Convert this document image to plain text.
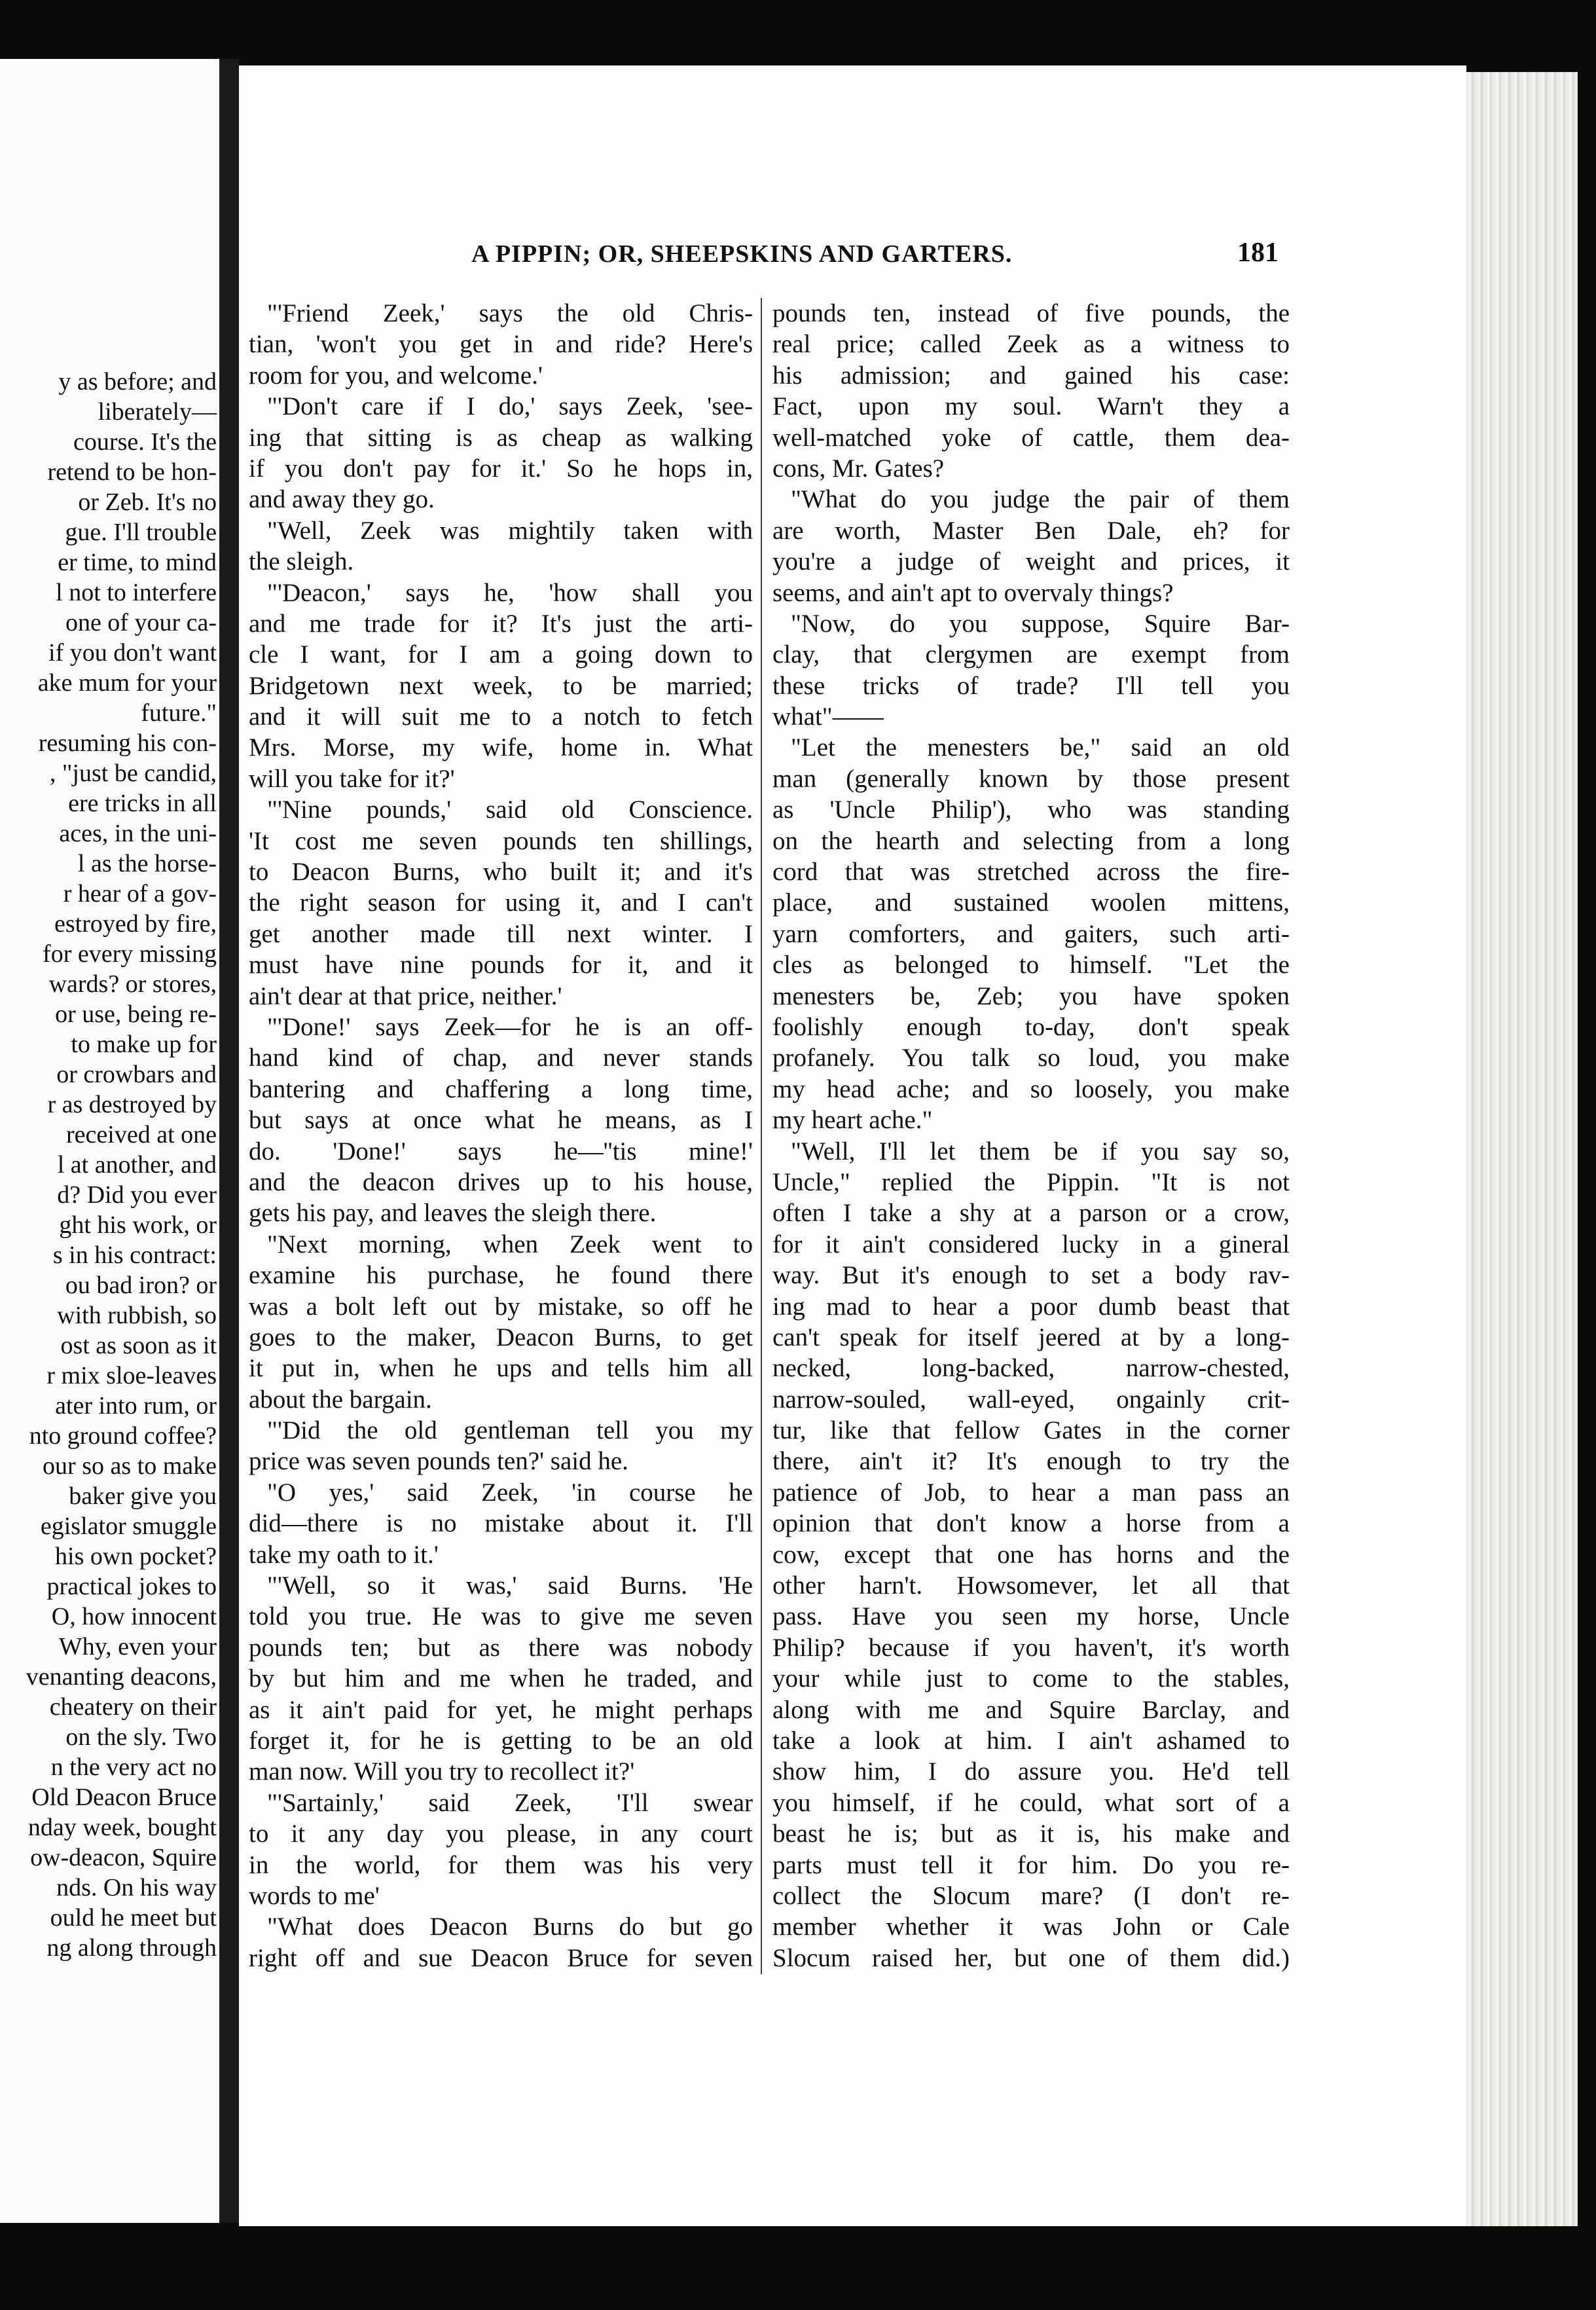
y as before; and
liberately—
course. It's the
retend to be hon-
or Zeb. It's no
gue. I'll trouble
er time, to mind
l not to interfere
one of your ca-
if you don't want
ake mum for your
future."
resuming his con-
, "just be candid,
ere tricks in all
aces, in the uni-
l as the horse-
r hear of a gov-
estroyed by fire,
for every missing
wards? or stores,
or use, being re-
to make up for
or crowbars and
r as destroyed by
received at one
l at another, and
d? Did you ever
ght his work, or
s in his contract:
ou bad iron? or
with rubbish, so
ost as soon as it
r mix sloe-leaves
ater into rum, or
nto ground coffee?
our so as to make
baker give you
egislator smuggle
his own pocket?
practical jokes to
O, how innocent
Why, even your
venanting deacons,
cheatery on their
on the sly. Two
n the very act no
Old Deacon Bruce
nday week, bought
ow-deacon, Squire
nds. On his way
ould he meet but
ng along through
A PIPPIN; OR, SHEEPSKINS AND GARTERS.	181
"'Friend Zeek,' says the old Chris-
tian, 'won't you get in and ride? Here's
room for you, and welcome.'
"'Don't care if I do,' says Zeek, 'see-
ing that sitting is as cheap as walking
if you don't pay for it.' So he hops in,
and away they go.
"Well, Zeek was mightily taken with
the sleigh.
"'Deacon,' says he, 'how shall you
and me trade for it? It's just the arti-
cle I want, for I am a going down to
Bridgetown next week, to be married;
and it will suit me to a notch to fetch
Mrs. Morse, my wife, home in. What
will you take for it?'
"'Nine pounds,' said old Conscience.
'It cost me seven pounds ten shillings,
to Deacon Burns, who built it; and it's
the right season for using it, and I can't
get another made till next winter. I
must have nine pounds for it, and it
ain't dear at that price, neither.'
"'Done!' says Zeek—for he is an off-
hand kind of chap, and never stands
bantering and chaffering a long time,
but says at once what he means, as I
do. 'Done!' says he—''tis mine!'
and the deacon drives up to his house,
gets his pay, and leaves the sleigh there.
"Next morning, when Zeek went to
examine his purchase, he found there
was a bolt left out by mistake, so off he
goes to the maker, Deacon Burns, to get
it put in, when he ups and tells him all
about the bargain.
"'Did the old gentleman tell you my
price was seven pounds ten?' said he.
"O yes,' said Zeek, 'in course he
did—there is no mistake about it. I'll
take my oath to it.'
"'Well, so it was,' said Burns. 'He
told you true. He was to give me seven
pounds ten; but as there was nobody
by but him and me when he traded, and
as it ain't paid for yet, he might perhaps
forget it, for he is getting to be an old
man now. Will you try to recollect it?'
"'Sartainly,' said Zeek, 'I'll swear
to it any day you please, in any court
in the world, for them was his very
words to me'
"What does Deacon Burns do but go
right off and sue Deacon Bruce for seven
pounds ten, instead of five pounds, the
real price; called Zeek as a witness to
his admission; and gained his case:
Fact, upon my soul. Warn't they a
well-matched yoke of cattle, them dea-
cons, Mr. Gates?
"What do you judge the pair of them
are worth, Master Ben Dale, eh? for
you're a judge of weight and prices, it
seems, and ain't apt to overvaly things?
"Now, do you suppose, Squire Bar-
clay, that clergymen are exempt from
these tricks of trade? I'll tell you
what"——
"Let the menesters be," said an old
man (generally known by those present
as 'Uncle Philip'), who was standing
on the hearth and selecting from a long
cord that was stretched across the fire-
place, and sustained woolen mittens,
yarn comforters, and gaiters, such arti-
cles as belonged to himself. "Let the
menesters be, Zeb; you have spoken
foolishly enough to-day, don't speak
profanely. You talk so loud, you make
my head ache; and so loosely, you make
my heart ache."
"Well, I'll let them be if you say so,
Uncle," replied the Pippin. "It is not
often I take a shy at a parson or a crow,
for it ain't considered lucky in a gineral
way. But it's enough to set a body rav-
ing mad to hear a poor dumb beast that
can't speak for itself jeered at by a long-
necked, long-backed, narrow-chested,
narrow-souled, wall-eyed, ongainly crit-
tur, like that fellow Gates in the corner
there, ain't it? It's enough to try the
patience of Job, to hear a man pass an
opinion that don't know a horse from a
cow, except that one has horns and the
other harn't. Howsomever, let all that
pass. Have you seen my horse, Uncle
Philip? because if you haven't, it's worth
your while just to come to the stables,
along with me and Squire Barclay, and
take a look at him. I ain't ashamed to
show him, I do assure you. He'd tell
you himself, if he could, what sort of a
beast he is; but as it is, his make and
parts must tell it for him. Do you re-
collect the Slocum mare? (I don't re-
member whether it was John or Cale
Slocum raised her, but one of them did.)
